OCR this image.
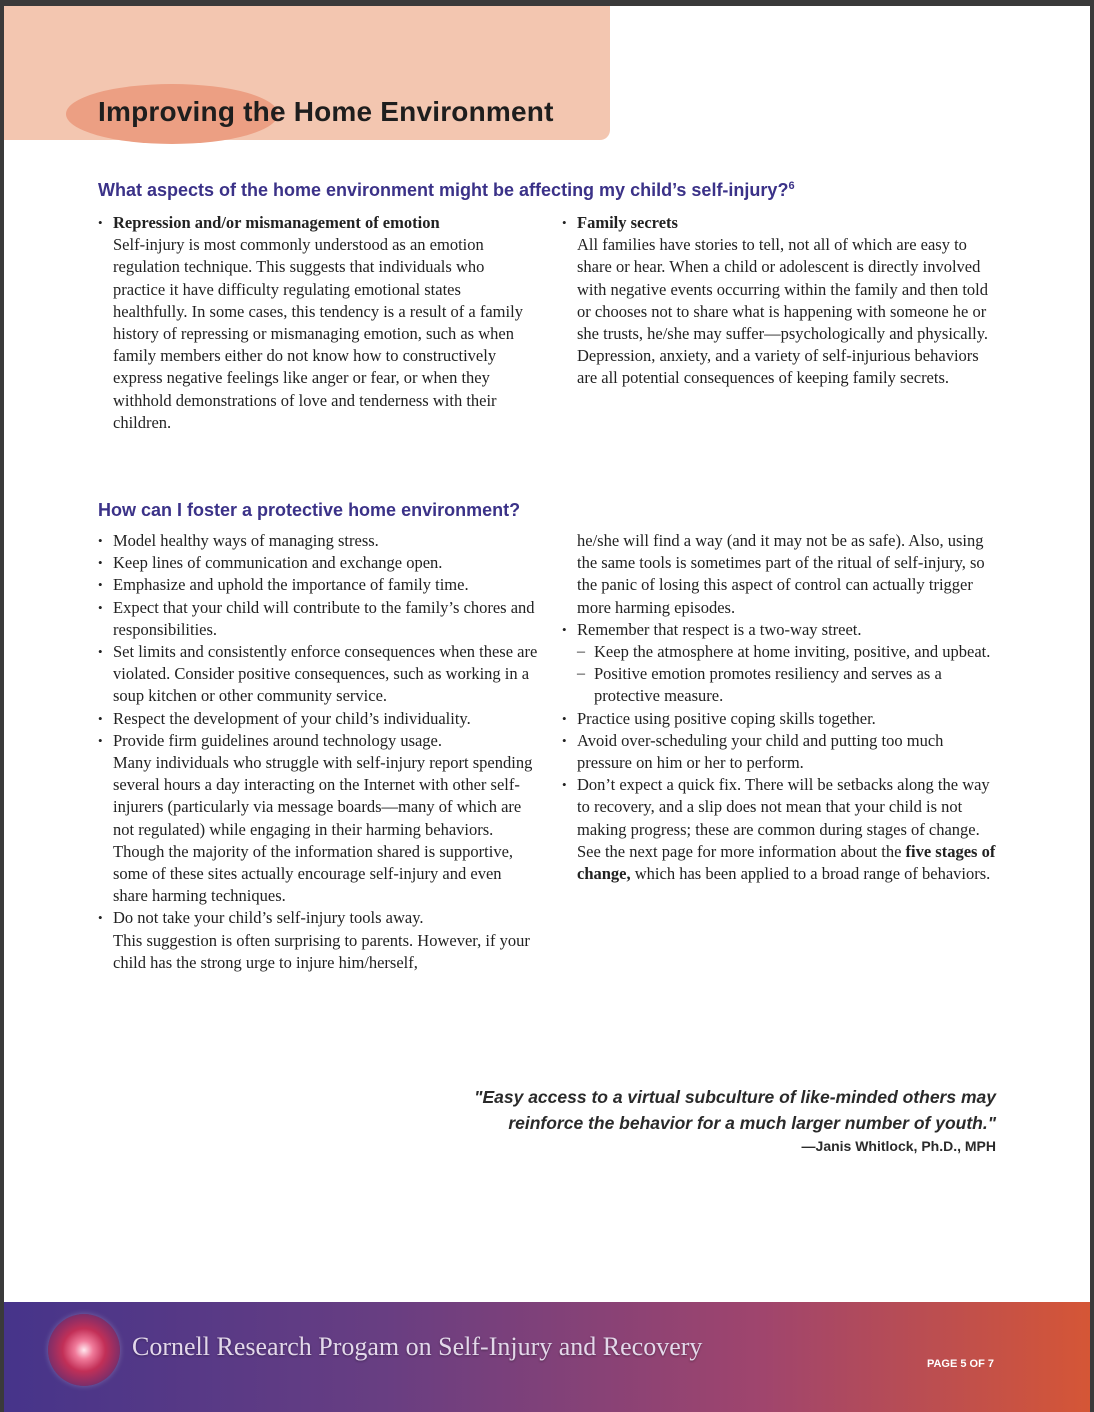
Improving the Home Environment
What aspects of the home environment might be affecting my child’s self-injury?$^6$
• Repression and/or mismanagement of emotion
Self-injury is most commonly understood as an emotion regulation technique. This suggests that individuals who practice it have difficulty regulating emotional states healthfully. In some cases, this tendency is a result of a family history of repressing or mismanaging emotion, such as when family members either do not know how to constructively express negative feelings like anger or fear, or when they withhold demonstrations of love and tenderness with their children.
• Family secrets
All families have stories to tell, not all of which are easy to share or hear. When a child or adolescent is directly involved with negative events occurring within the family and then told or chooses not to share what is happening with someone he or she trusts, he/she may suffer—psychologically and physically. Depression, anxiety, and a variety of self-injurious behaviors are all potential consequences of keeping family secrets.
How can I foster a protective home environment?
• Model healthy ways of managing stress.
• Keep lines of communication and exchange open.
• Emphasize and uphold the importance of family time.
• Expect that your child will contribute to the family’s chores and responsibilities.
• Set limits and consistently enforce consequences when these are violated. Consider positive consequences, such as working in a soup kitchen or other community service.
• Respect the development of your child’s individuality.
• Provide firm guidelines around technology usage.
Many individuals who struggle with self-injury report spending several hours a day interacting on the Internet with other self-injurers (particularly via message boards—many of which are not regulated) while engaging in their harming behaviors. Though the majority of the information shared is supportive, some of these sites actually encourage self-injury and even share harming techniques.
• Do not take your child’s self-injury tools away.
This suggestion is often surprising to parents. However, if your child has the strong urge to injure him/herself,
he/she will find a way (and it may not be as safe). Also, using the same tools is sometimes part of the ritual of self-injury, so the panic of losing this aspect of control can actually trigger more harming episodes.
• Remember that respect is a two-way street.
– Keep the atmosphere at home inviting, positive, and upbeat.
– Positive emotion promotes resiliency and serves as a protective measure.
• Practice using positive coping skills together.
• Avoid over-scheduling your child and putting too much pressure on him or her to perform.
• Don’t expect a quick fix. There will be setbacks along the way to recovery, and a slip does not mean that your child is not making progress; these are common during stages of change. See the next page for more information about the five stages of change, which has been applied to a broad range of behaviors.
"Easy access to a virtual subculture of like-minded others may reinforce the behavior for a much larger number of youth."
—Janis Whitlock, Ph.D., MPH
Cornell Research Progam on Self-Injury and Recovery
PAGE 5 OF 7
